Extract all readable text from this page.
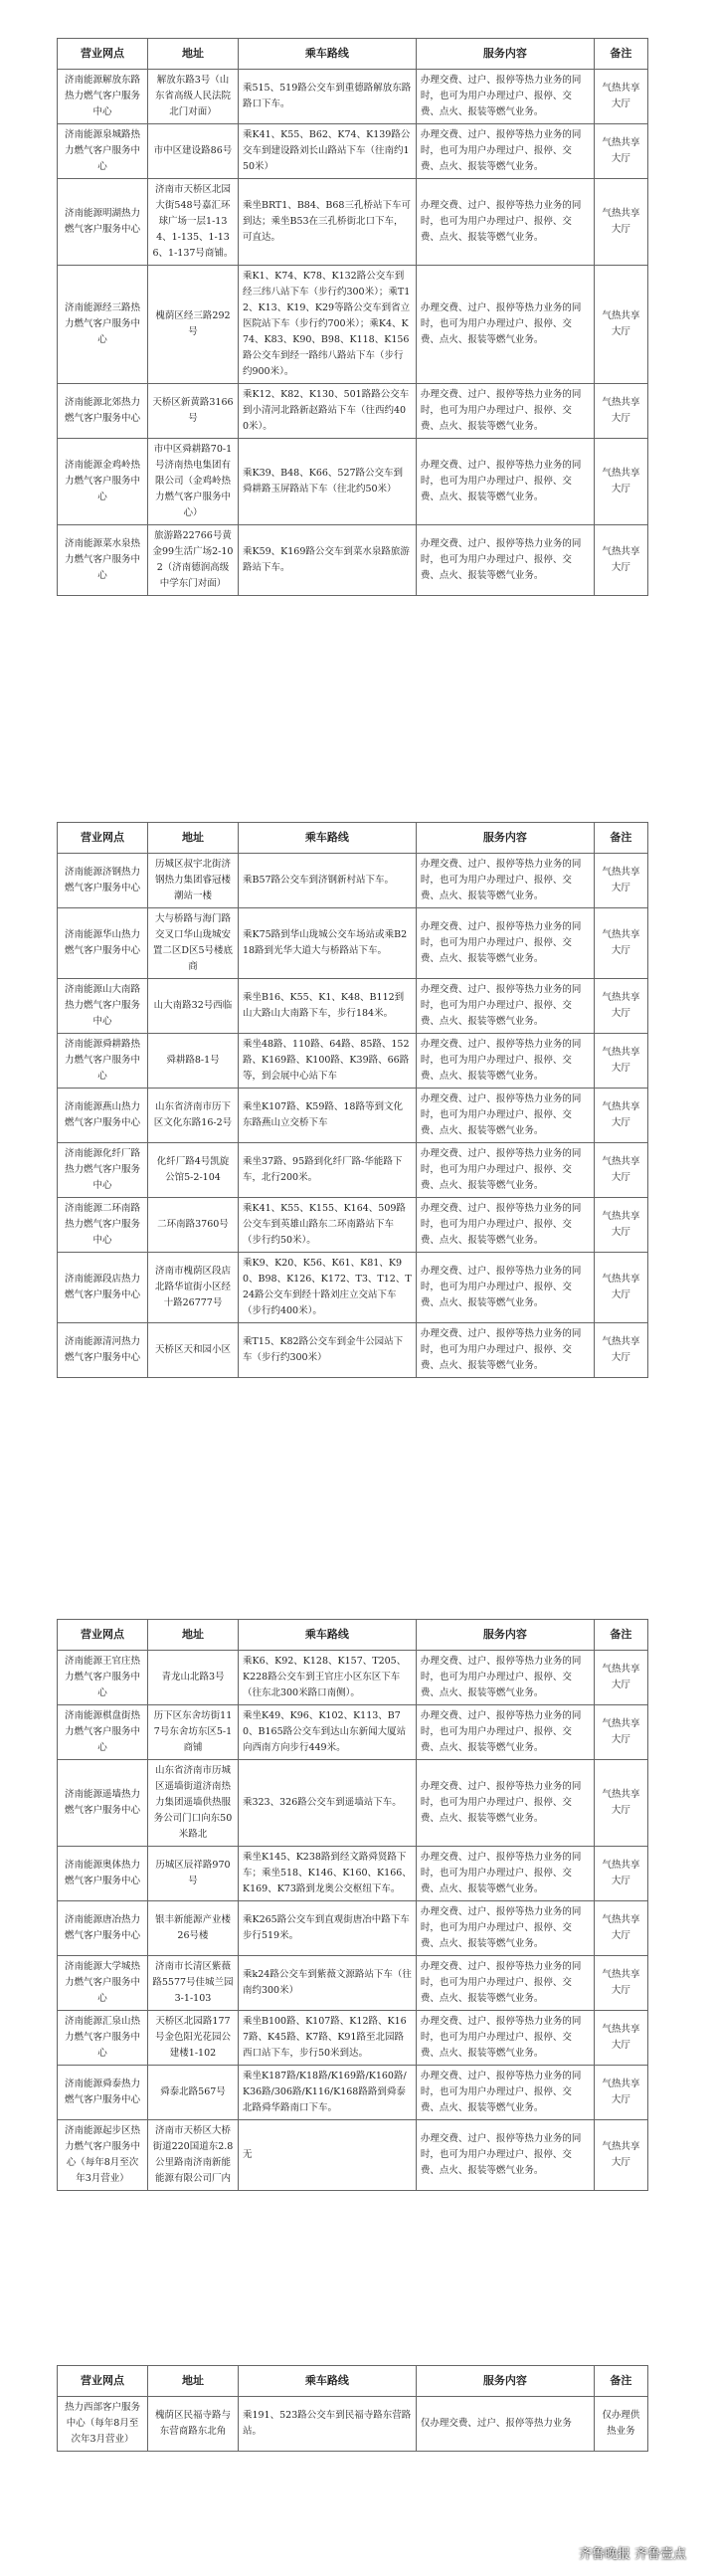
营业网点	地址	乘车路线	服务内容	备注
济南能源解放东路热力燃气客户服务中心	解放东路3号（山东省高级人民法院北门对面）	乘515、519路公交车到重德路解放东路路口下车。	办理交费、过户、报停等热力业务的同时，也可为用户办理过户、报停、交费、点火、报装等燃气业务。	气热共享大厅
济南能源泉城路热力燃气客户服务中心	市中区建设路86号	乘K41、K55、B62、K74、K139路公交车到建设路刘长山路站下车（往南约150米）	办理交费、过户、报停等热力业务的同时，也可为用户办理过户、报停、交费、点火、报装等燃气业务。	气热共享大厅
济南能源明湖热力燃气客户服务中心	济南市天桥区北园大街548号嘉汇环球广场一层1-134、1-135、1-136、1-137号商铺。	乘坐BRT1、B84、B68三孔桥站下车可到达；乘坐B53在三孔桥街北口下车，可直达。	办理交费、过户、报停等热力业务的同时，也可为用户办理过户、报停、交费、点火、报装等燃气业务。	气热共享大厅
济南能源经三路热力燃气客户服务中心	槐荫区经三路292号	乘K1、K74、K78、K132路公交车到经三纬八站下车（步行约300米）；乘T12、K13、K19、K29等路公交车到省立医院站下车（步行约700米）；乘K4、K74、K83、K90、B98、K118、K156路公交车到经一路纬八路站下车（步行约900米）。	办理交费、过户、报停等热力业务的同时，也可为用户办理过户、报停、交费、点火、报装等燃气业务。	气热共享大厅
济南能源北郊热力燃气客户服务中心	天桥区新黄路3166号	乘K12、K82、K130、501路路公交车到小清河北路新赵路站下车（往西约400米）。	办理交费、过户、报停等热力业务的同时，也可为用户办理过户、报停、交费、点火、报装等燃气业务。	气热共享大厅
济南能源金鸡岭热力燃气客户服务中心	市中区舜耕路70-1号济南热电集团有限公司（金鸡岭热力燃气客户服务中心）	乘K39、B48、K66、527路公交车到舜耕路玉屏路站下车（往北约50米）	办理交费、过户、报停等热力业务的同时，也可为用户办理过户、报停、交费、点火、报装等燃气业务。	气热共享大厅
济南能源菜水泉热力燃气客户服务中心	旅游路22766号黄金99生活广场2-102（济南德润高级中学东门对面）	乘K59、K169路公交车到菜水泉路旅游路站下车。	办理交费、过户、报停等热力业务的同时，也可为用户办理过户、报停、交费、点火、报装等燃气业务。	气热共享大厅
营业网点	地址	乘车路线	服务内容	备注
济南能源济钢热力燃气客户服务中心	历城区叔宇北街济钢热力集团睿冠楼潮站一楼	乘B57路公交车到济钢新村站下车。	办理交费、过户、报停等热力业务的同时，也可为用户办理过户、报停、交费、点火、报装等燃气业务。	气热共享大厅
济南能源华山热力燃气客户服务中心	大与桥路与海门路交叉口华山珑城安置二区D区5号楼底商	乘K75路到华山珑城公交车场站或乘B218路到光华大道大与桥路站下车。	办理交费、过户、报停等热力业务的同时，也可为用户办理过户、报停、交费、点火、报装等燃气业务。	气热共享大厅
济南能源山大南路热力燃气客户服务中心	山大南路32号西临	乘坐B16、K55、K1、K48、B112到山大路山大南路下车，步行184米。	办理交费、过户、报停等热力业务的同时，也可为用户办理过户、报停、交费、点火、报装等燃气业务。	气热共享大厅
济南能源舜耕路热力燃气客户服务中心	舜耕路8-1号	乘坐48路、110路、64路、85路、152路、K169路、K100路、K39路、66路等，到会展中心站下车	办理交费、过户、报停等热力业务的同时，也可为用户办理过户、报停、交费、点火、报装等燃气业务。	气热共享大厅
济南能源燕山热力燃气客户服务中心	山东省济南市历下区文化东路16-2号	乘坐K107路、K59路、18路等到文化东路燕山立交桥下车	办理交费、过户、报停等热力业务的同时，也可为用户办理过户、报停、交费、点火、报装等燃气业务。	气热共享大厅
济南能源化纤厂路热力燃气客户服务中心	化纤厂路4号凯旋公馆5-2-104	乘坐37路、95路到化纤厂路-华能路下车，北行200米。	办理交费、过户、报停等热力业务的同时，也可为用户办理过户、报停、交费、点火、报装等燃气业务。	气热共享大厅
济南能源二环南路热力燃气客户服务中心	二环南路3760号	乘K41、K55、K155、K164、509路公交车到英雄山路东二环南路站下车（步行约50米）。	办理交费、过户、报停等热力业务的同时，也可为用户办理过户、报停、交费、点火、报装等燃气业务。	气热共享大厅
济南能源段店热力燃气客户服务中心	济南市槐荫区段店北路华谊街小区经十路26777号	乘K9、K20、K56、K61、K81、K90、B98、K126、K172、T3、T12、T24路公交车到经十路刘庄立交站下车（步行约400米）。	办理交费、过户、报停等热力业务的同时，也可为用户办理过户、报停、交费、点火、报装等燃气业务。	气热共享大厅
济南能源清河热力燃气客户服务中心	天桥区天和园小区	乘T15、K82路公交车到金牛公园站下车（步行约300米）	办理交费、过户、报停等热力业务的同时，也可为用户办理过户、报停、交费、点火、报装等燃气业务。	气热共享大厅
营业网点	地址	乘车路线	服务内容	备注
济南能源王官庄热力燃气客户服务中心	青龙山北路3号	乘K6、K92、K128、K157、T205、K228路公交车到王官庄小区东区下车（往东北300米路口南侧）。	办理交费、过户、报停等热力业务的同时，也可为用户办理过户、报停、交费、点火、报装等燃气业务。	气热共享大厅
济南能源棋盘街热力燃气客户服务中心	历下区东舍坊街117号东舍坊东区5-1商铺	乘坐K49、K96、K102、K113、B70、B165路公交车到达山东新闻大厦站向西南方向步行449米。	办理交费、过户、报停等热力业务的同时，也可为用户办理过户、报停、交费、点火、报装等燃气业务。	气热共享大厅
济南能源遥墙热力燃气客户服务中心	山东省济南市历城区遥墙街道济南热力集团遥墙供热服务公司门口向东50米路北	乘323、326路公交车到遥墙站下车。	办理交费、过户、报停等热力业务的同时，也可为用户办理过户、报停、交费、点火、报装等燃气业务。	气热共享大厅
济南能源奥体热力燃气客户服务中心	历城区辰祥路970号	乘坐K145、K238路到经文路舜贤路下车；乘坐518、K146、K160、K166、K169、K73路到龙奥公交枢纽下车。	办理交费、过户、报停等热力业务的同时，也可为用户办理过户、报停、交费、点火、报装等燃气业务。	气热共享大厅
济南能源唐冶热力燃气客户服务中心	银丰新能源产业楼26号楼	乘K265路公交车到直观街唐冶中路下车步行519米。	办理交费、过户、报停等热力业务的同时，也可为用户办理过户、报停、交费、点火、报装等燃气业务。	气热共享大厅
济南能源大学城热力燃气客户服务中心	济南市长清区紫薇路5577号佳城兰园3-1-103	乘k24路公交车到紫薇文源路站下车（往南约300米）	办理交费、过户、报停等热力业务的同时，也可为用户办理过户、报停、交费、点火、报装等燃气业务。	气热共享大厅
济南能源汇泉山热力燃气客户服务中心	天桥区北园路177号金色阳光花园公建楼1-102	乘坐B100路、K107路、K12路、K167路、K45路、K7路、K91路至北园路西口站下车，步行50米到达。	办理交费、过户、报停等热力业务的同时，也可为用户办理过户、报停、交费、点火、报装等燃气业务。	气热共享大厅
济南能源舜泰热力燃气客户服务中心	舜泰北路567号	乘坐K187路/K18路/K169路/K160路/K36路/306路/K116/K168路路到舜泰北路舜华路南口下车。	办理交费、过户、报停等热力业务的同时，也可为用户办理过户、报停、交费、点火、报装等燃气业务。	气热共享大厅
济南能源起步区热力燃气客户服务中心（每年8月至次年3月营业）	济南市天桥区大桥街道220国道东2.8公里路南济南新能能源有限公司厂内	无	办理交费、过户、报停等热力业务的同时，也可为用户办理过户、报停、交费、点火、报装等燃气业务。	气热共享大厅
营业网点	地址	乘车路线	服务内容	备注
热力西部客户服务中心（每年8月至次年3月营业）	槐荫区民福寺路与东营商路东北角	乘191、523路公交车到民福寺路东营路站。	仅办理交费、过户、报停等热力业务	仅办理供热业务
齐鲁晚报 齐鲁壹点
